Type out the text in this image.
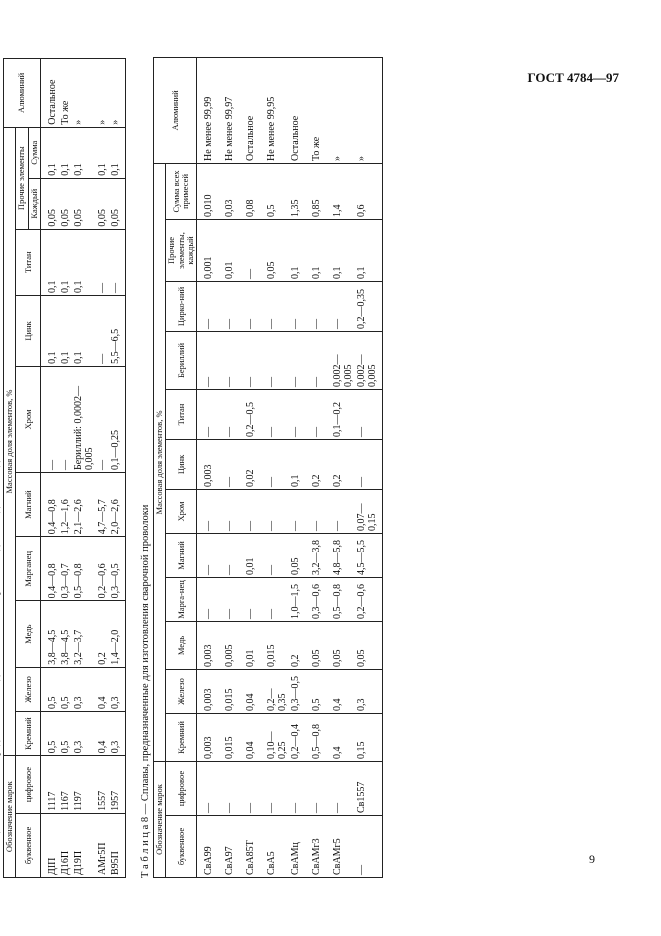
ГОСТ 4784—97
Обозначение марок		Массовая доля элементов, %										Алюминий
буквенное	цифровое	Кремний	Железо	Медь	Марганец	Магний	Хром	Цинк	Титан	Прочие элементы		
										Каждый	Сумма	
ДIП	1117	0,5	0,5	3,8—4,5	0,4—0,8	0,4—0,8	—	0,1	0,1	0,05	0,1	Остальное
Д16П	1167	0,5	0,5	3,8—4,5	0,3—0,7	1,2—1,6	—	0,1	0,1	0,05	0,1	То же
Д19П	1197	0,3	0,3	3,2—3,7	0,5—0,8	2,1—2,6	Бериллий: 0,0002—0,005	0,1	0,1	0,05	0,1	»
АМг5П	1557	0,4	0,4	0,2	0,2—0,6	4,7—5,7	—	—	—	0,05	0,1	»
В95П	1957	0,3	0,3	1,4—2,0	0,3—0,5	2,0—2,6	0,1—0,25	5,5—6,5	—	0,05	0,1	»
Т а б л и ц а 8 — Сплавы, предназначенные для изготовления сварочной проволоки Обозначение марок		Массовая доля элементов, %												Алюминий
буквенное	цифровое	Кремний	Железо	Медь	Марга-нец	Магний	Хром	Цинк	Титан	Бериллий	Цирко-ний	Прочие элементы, каждый	Сумма всех примесей	
СвА99	—	0,003	0,003	0,003	—	—	—	0,003	—	—	—	0,001	0,010	Не менее 99,99
СвА97	—	0,015	0,015	0,005	—	—	—	—	—	—	—	0,01	0,03	Не менее 99,97
СвА85Т	—	0,04	0,04	0,01	—	0,01	—	0,02	0,2—0,5	—	—	—	0,08	Остальное
СвА5	—	0,10—0,25	0,2—0,35	0,015	—	—	—	—	—	—	—	0,05	0,5	Не менее 99,95
СвАМц	—	0,2—0,4	0,3—0,5	0,2	1,0—1,5	0,05	—	0,1	—	—	—	0,1	1,35	Остальное
СвАМг3	—	0,5—0,8	0,5	0,05	0,3—0,6	3,2—3,8	—	0,2	—	—	—	0,1	0,85	То же
СвАМг5	—	0,4	0,4	0,05	0,5—0,8	4,8—5,8	—	0,2	0,1—0,2	0,002—0,005	—	0,1	1,4	»
—	Св1557	0,15	0,3	0,05	0,2—0,6	4,5—5,5	0,07—0,15	—	—	0,002—0,005	0,2—0,35	0,1	0,6	»
9
